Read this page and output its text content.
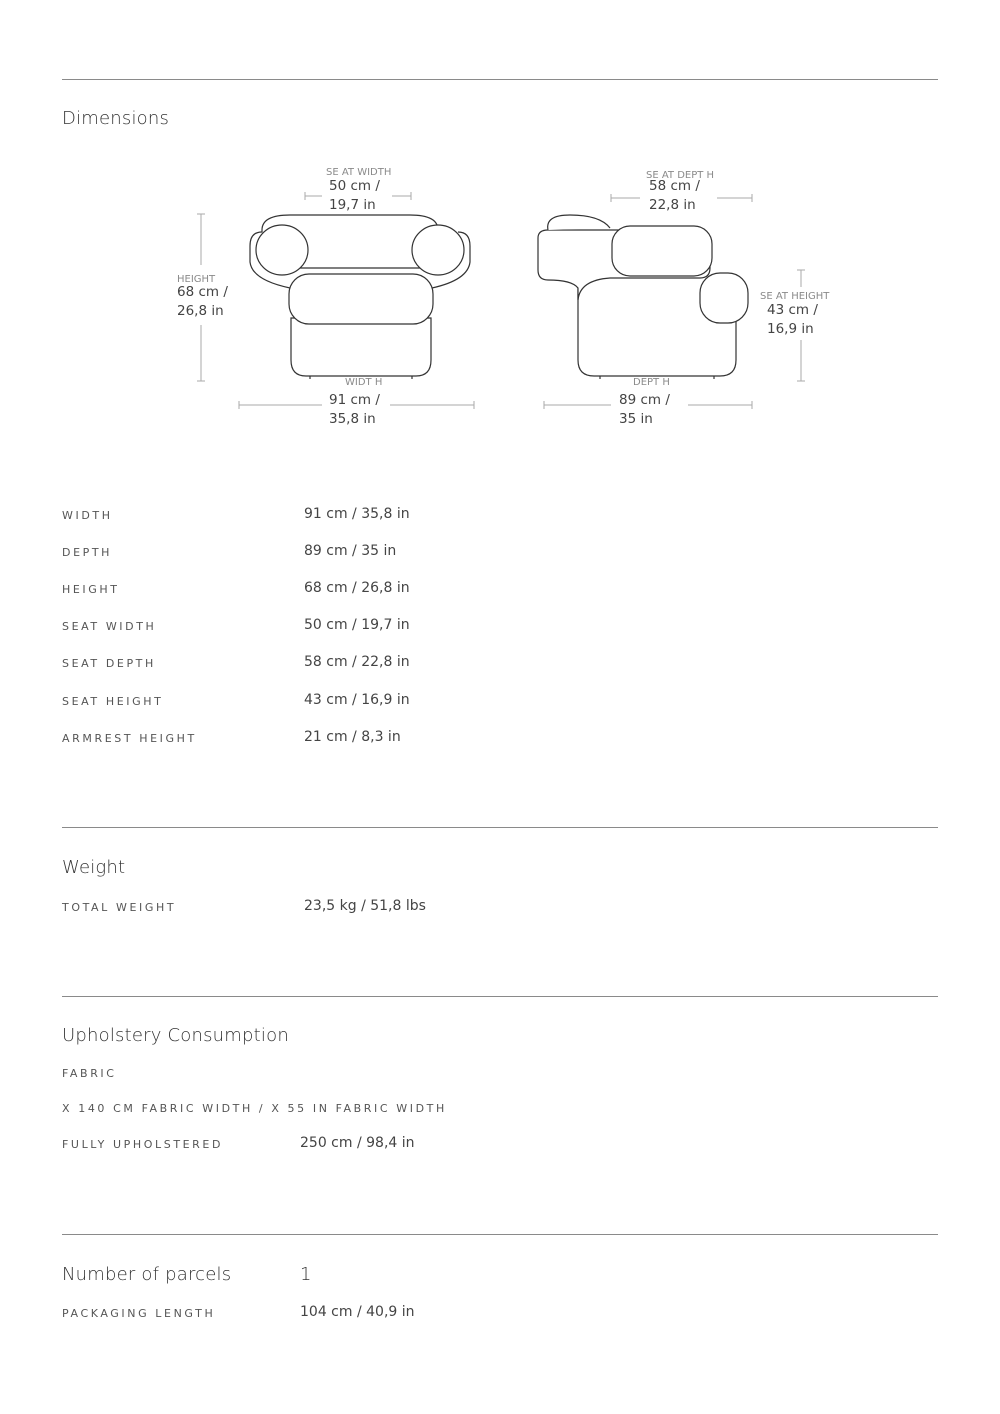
Dimensions
SE AT WIDTH
50 cm /
19,7 in
HEIGHT
68 cm /
26,8 in
WIDT H
91 cm /
35,8 in
SE AT DEPT H
58 cm /
22,8 in
SE AT HEIGHT
43 cm /
16,9 in
DEPT H
89 cm /
35 in
WIDTH	91 cm / 35,8 in
DEPTH	89 cm / 35 in
HEIGHT	68 cm / 26,8 in
SEAT WIDTH	50 cm / 19,7 in
SEAT DEPTH	58 cm / 22,8 in
SEAT HEIGHT	43 cm / 16,9 in
ARMREST HEIGHT	21 cm / 8,3 in
Weight
TOTAL WEIGHT	23,5 kg / 51,8 lbs
Upholstery Consumption
FABRIC
X 140 CM FABRIC WIDTH / X 55 IN FABRIC WIDTH
FULLY UPHOLSTERED	250 cm / 98,4 in
Number of parcels	1
PACKAGING LENGTH	104 cm / 40,9 in
